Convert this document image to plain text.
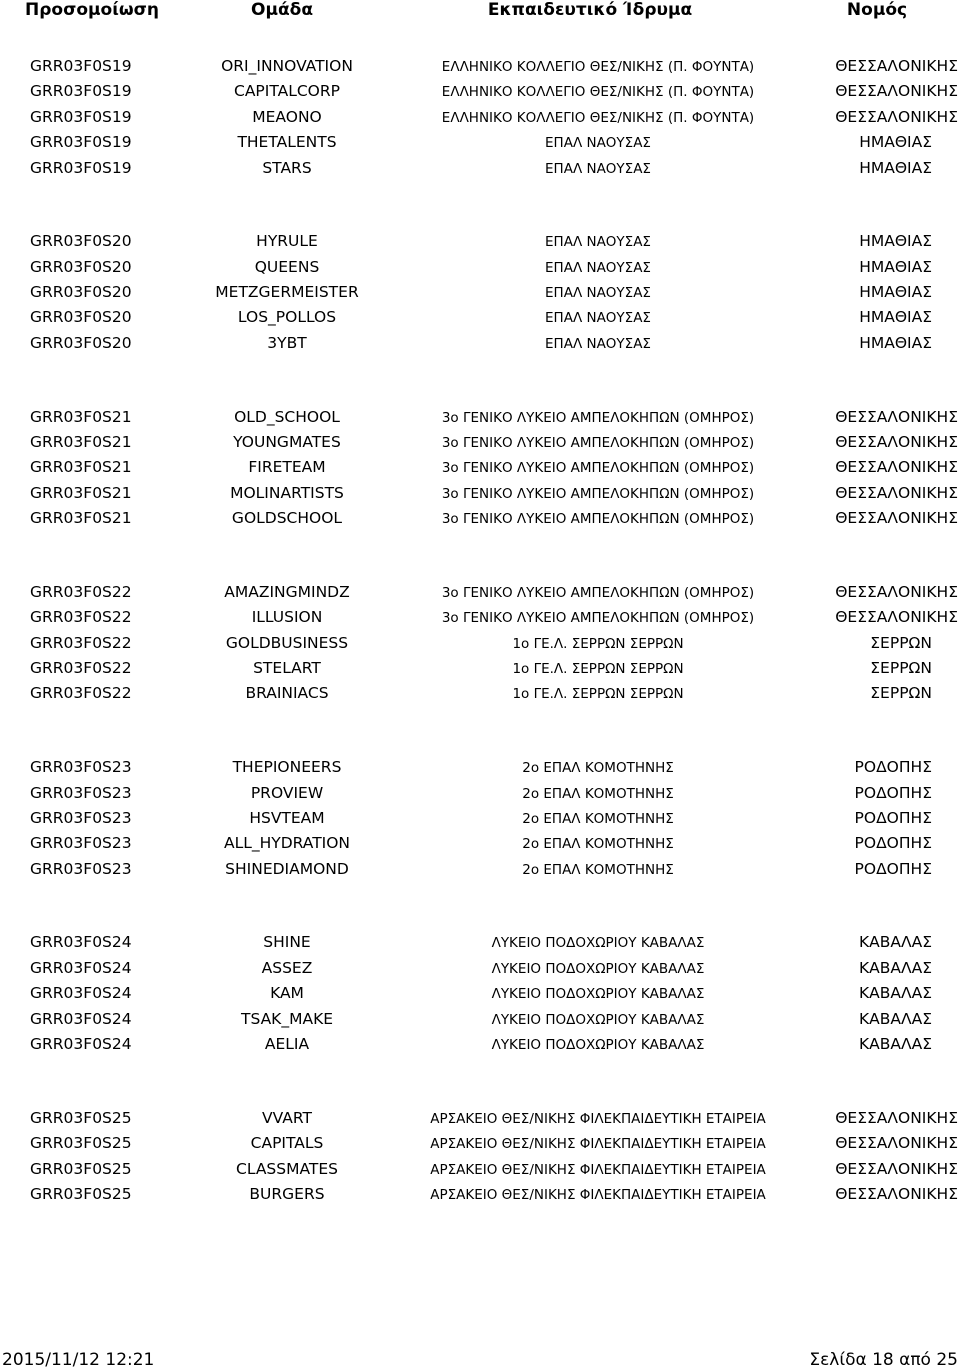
Προσομοίωση	Ομάδα	Εκπαιδευτικό Ίδρυμα	Νομός
GRR03F0S19	ORI_INNOVATION	ΕΛΛΗΝΙΚΟ ΚΟΛΛΕΓΙΟ ΘΕΣ/ΝΙΚΗΣ (Π. ΦΟΥΝΤΑ)	ΘΕΣΣΑΛΟΝΙΚΗΣ
GRR03F0S19	CAPITALCORP	ΕΛΛΗΝΙΚΟ ΚΟΛΛΕΓΙΟ ΘΕΣ/ΝΙΚΗΣ (Π. ΦΟΥΝΤΑ)	ΘΕΣΣΑΛΟΝΙΚΗΣ
GRR03F0S19	MEAONO	ΕΛΛΗΝΙΚΟ ΚΟΛΛΕΓΙΟ ΘΕΣ/ΝΙΚΗΣ (Π. ΦΟΥΝΤΑ)	ΘΕΣΣΑΛΟΝΙΚΗΣ
GRR03F0S19	THETALENTS	ΕΠΑΛ ΝΑΟΥΣΑΣ	ΗΜΑΘΙΑΣ
GRR03F0S19	STARS	ΕΠΑΛ ΝΑΟΥΣΑΣ	ΗΜΑΘΙΑΣ
GRR03F0S20	HYRULE	ΕΠΑΛ ΝΑΟΥΣΑΣ	ΗΜΑΘΙΑΣ
GRR03F0S20	QUEENS	ΕΠΑΛ ΝΑΟΥΣΑΣ	ΗΜΑΘΙΑΣ
GRR03F0S20	METZGERMEISTER	ΕΠΑΛ ΝΑΟΥΣΑΣ	ΗΜΑΘΙΑΣ
GRR03F0S20	LOS_POLLOS	ΕΠΑΛ ΝΑΟΥΣΑΣ	ΗΜΑΘΙΑΣ
GRR03F0S20	3YBT	ΕΠΑΛ ΝΑΟΥΣΑΣ	ΗΜΑΘΙΑΣ
GRR03F0S21	OLD_SCHOOL	3ο ΓΕΝΙΚΟ ΛΥΚΕΙΟ ΑΜΠΕΛΟΚΗΠΩΝ (ΟΜΗΡΟΣ)	ΘΕΣΣΑΛΟΝΙΚΗΣ
GRR03F0S21	YOUNGMATES	3ο ΓΕΝΙΚΟ ΛΥΚΕΙΟ ΑΜΠΕΛΟΚΗΠΩΝ (ΟΜΗΡΟΣ)	ΘΕΣΣΑΛΟΝΙΚΗΣ
GRR03F0S21	FIRETEAM	3ο ΓΕΝΙΚΟ ΛΥΚΕΙΟ ΑΜΠΕΛΟΚΗΠΩΝ (ΟΜΗΡΟΣ)	ΘΕΣΣΑΛΟΝΙΚΗΣ
GRR03F0S21	MOLINARTISTS	3ο ΓΕΝΙΚΟ ΛΥΚΕΙΟ ΑΜΠΕΛΟΚΗΠΩΝ (ΟΜΗΡΟΣ)	ΘΕΣΣΑΛΟΝΙΚΗΣ
GRR03F0S21	GOLDSCHOOL	3ο ΓΕΝΙΚΟ ΛΥΚΕΙΟ ΑΜΠΕΛΟΚΗΠΩΝ (ΟΜΗΡΟΣ)	ΘΕΣΣΑΛΟΝΙΚΗΣ
GRR03F0S22	AMAZINGMINDZ	3ο ΓΕΝΙΚΟ ΛΥΚΕΙΟ ΑΜΠΕΛΟΚΗΠΩΝ (ΟΜΗΡΟΣ)	ΘΕΣΣΑΛΟΝΙΚΗΣ
GRR03F0S22	ILLUSION	3ο ΓΕΝΙΚΟ ΛΥΚΕΙΟ ΑΜΠΕΛΟΚΗΠΩΝ (ΟΜΗΡΟΣ)	ΘΕΣΣΑΛΟΝΙΚΗΣ
GRR03F0S22	GOLDBUSINESS	1ο ΓΕ.Λ. ΣΕΡΡΩΝ ΣΕΡΡΩΝ	ΣΕΡΡΩΝ
GRR03F0S22	STELART	1ο ΓΕ.Λ. ΣΕΡΡΩΝ ΣΕΡΡΩΝ	ΣΕΡΡΩΝ
GRR03F0S22	BRAINIACS	1ο ΓΕ.Λ. ΣΕΡΡΩΝ ΣΕΡΡΩΝ	ΣΕΡΡΩΝ
GRR03F0S23	THEPIONEERS	2ο ΕΠΑΛ ΚΟΜΟΤΗΝΗΣ	ΡΟΔΟΠΗΣ
GRR03F0S23	PROVIEW	2ο ΕΠΑΛ ΚΟΜΟΤΗΝΗΣ	ΡΟΔΟΠΗΣ
GRR03F0S23	HSVTEAM	2ο ΕΠΑΛ ΚΟΜΟΤΗΝΗΣ	ΡΟΔΟΠΗΣ
GRR03F0S23	ALL_HYDRATION	2ο ΕΠΑΛ ΚΟΜΟΤΗΝΗΣ	ΡΟΔΟΠΗΣ
GRR03F0S23	SHINEDIAMOND	2ο ΕΠΑΛ ΚΟΜΟΤΗΝΗΣ	ΡΟΔΟΠΗΣ
GRR03F0S24	SHINE	ΛΥΚΕΙΟ ΠΟΔΟΧΩΡΙΟΥ ΚΑΒΑΛΑΣ	ΚΑΒΑΛΑΣ
GRR03F0S24	ASSEZ	ΛΥΚΕΙΟ ΠΟΔΟΧΩΡΙΟΥ ΚΑΒΑΛΑΣ	ΚΑΒΑΛΑΣ
GRR03F0S24	KAM	ΛΥΚΕΙΟ ΠΟΔΟΧΩΡΙΟΥ ΚΑΒΑΛΑΣ	ΚΑΒΑΛΑΣ
GRR03F0S24	TSAK_MAKE	ΛΥΚΕΙΟ ΠΟΔΟΧΩΡΙΟΥ ΚΑΒΑΛΑΣ	ΚΑΒΑΛΑΣ
GRR03F0S24	AELIA	ΛΥΚΕΙΟ ΠΟΔΟΧΩΡΙΟΥ ΚΑΒΑΛΑΣ	ΚΑΒΑΛΑΣ
GRR03F0S25	VVART	ΑΡΣΑΚΕΙΟ ΘΕΣ/ΝΙΚΗΣ ΦΙΛΕΚΠΑΙΔΕΥΤΙΚΗ ΕΤΑΙΡΕΙΑ	ΘΕΣΣΑΛΟΝΙΚΗΣ
GRR03F0S25	CAPITALS	ΑΡΣΑΚΕΙΟ ΘΕΣ/ΝΙΚΗΣ ΦΙΛΕΚΠΑΙΔΕΥΤΙΚΗ ΕΤΑΙΡΕΙΑ	ΘΕΣΣΑΛΟΝΙΚΗΣ
GRR03F0S25	CLASSMATES	ΑΡΣΑΚΕΙΟ ΘΕΣ/ΝΙΚΗΣ ΦΙΛΕΚΠΑΙΔΕΥΤΙΚΗ ΕΤΑΙΡΕΙΑ	ΘΕΣΣΑΛΟΝΙΚΗΣ
GRR03F0S25	BURGERS	ΑΡΣΑΚΕΙΟ ΘΕΣ/ΝΙΚΗΣ ΦΙΛΕΚΠΑΙΔΕΥΤΙΚΗ ΕΤΑΙΡΕΙΑ	ΘΕΣΣΑΛΟΝΙΚΗΣ
2015/11/12 12:21	Σελίδα 18 από 25
